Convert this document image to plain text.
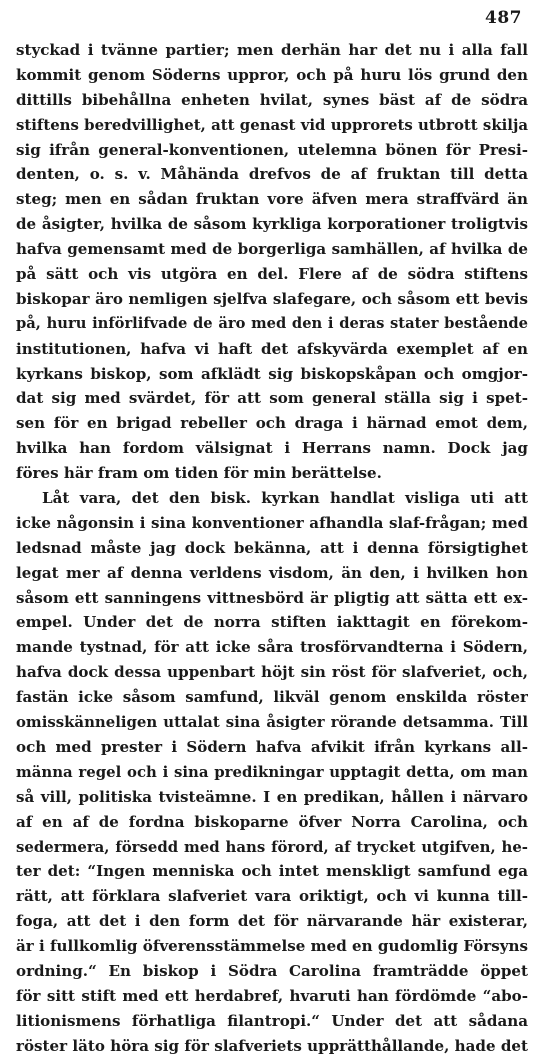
487
styckad i tvänne partier; men derhän har det nu i alla fall
kommit genom Söderns uppror, och på huru lös grund den
dittills bibehållna enheten hvilat, synes bäst af de södra
stiftens beredvillighet, att genast vid upprorets utbrott skilja
sig ifrån general-konventionen, utelemna bönen för Presi-
denten, o. s. v. Måhända drefvos de af fruktan till detta
steg; men en sådan fruktan vore äfven mera straffvärd än
de åsigter, hvilka de såsom kyrkliga korporationer troligtvis
hafva gemensamt med de borgerliga samhällen, af hvilka de
på sätt och vis utgöra en del. Flere af de södra stiftens
biskopar äro nemligen sjelfva slafegare, och såsom ett bevis
på, huru införlifvade de äro med den i deras stater bestående
institutionen, hafva vi haft det afskyvärda exemplet af en
kyrkans biskop, som afklädt sig biskopskåpan och omgjor-
dat sig med svärdet, för att som general ställa sig i spet-
sen för en brigad rebeller och draga i härnad emot dem,
hvilka han fordom välsignat i Herrans namn. Dock jag
föres här fram om tiden för min berättelse.
Låt vara, det den bisk. kyrkan handlat visliga uti att
icke någonsin i sina konventioner afhandla slaf-frågan; med
ledsnad måste jag dock bekänna, att i denna försigtighet
legat mer af denna verldens visdom, än den, i hvilken hon
såsom ett sanningens vittnesbörd är pligtig att sätta ett ex-
empel. Under det de norra stiften iakttagit en förekom-
mande tystnad, för att icke såra trosförvandterna i Södern,
hafva dock dessa uppenbart höjt sin röst för slafveriet, och,
fastän icke såsom samfund, likväl genom enskilda röster
omisskänneligen uttalat sina åsigter rörande detsamma. Till
och med prester i Södern hafva afvikit ifrån kyrkans all-
männa regel och i sina predikningar upptagit detta, om man
så vill, politiska tvisteämne. I en predikan, hållen i närvaro
af en af de fordna biskoparne öfver Norra Carolina, och
sedermera, försedd med hans förord, af trycket utgifven, he-
ter det: “Ingen menniska och intet menskligt samfund ega
rätt, att förklara slafveriet vara oriktigt, och vi kunna till-
foga, att det i den form det för närvarande här existerar,
är i fullkomlig öfverensstämmelse med en gudomlig Försyns
ordning.“ En biskop i Södra Carolina framträdde öppet
för sitt stift med ett herdabref, hvaruti han fördömde “abo-
litionismens förhatliga filantropi.“ Under det att sådana
röster läto höra sig för slafveriets upprätthållande, hade det
